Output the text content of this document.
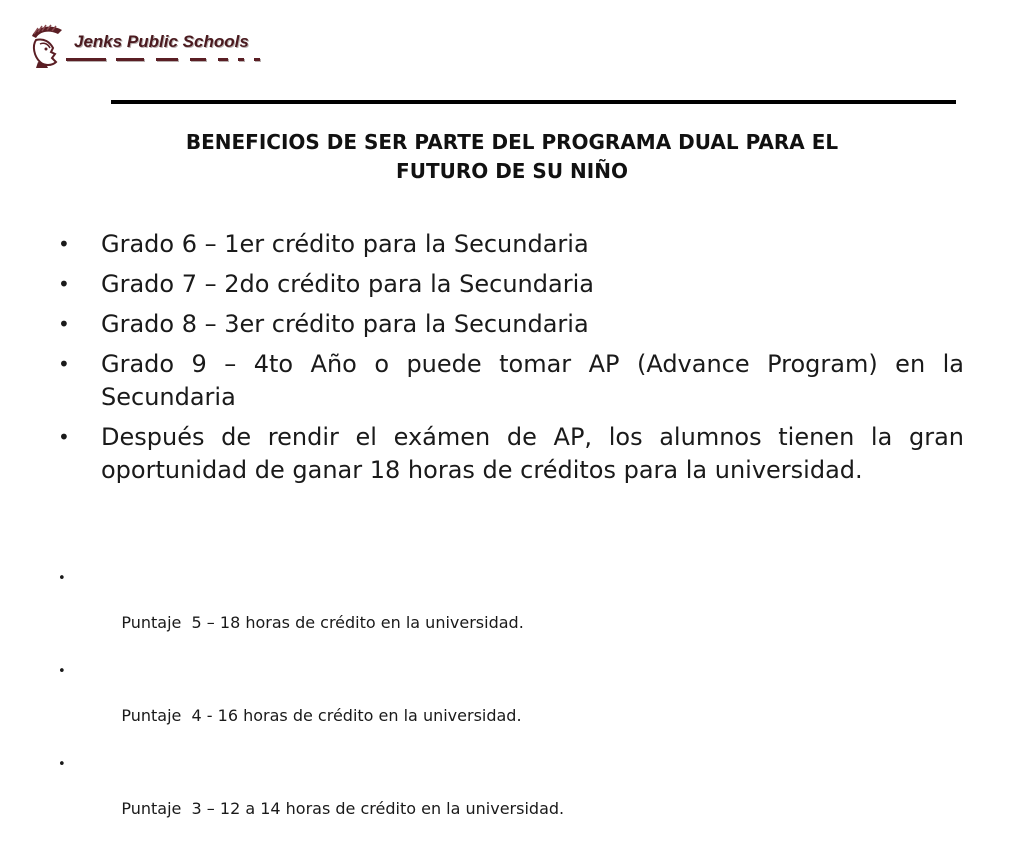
Jenks Public Schools
BENEFICIOS DE SER PARTE DEL PROGRAMA DUAL PARA EL
FUTURO DE SU NIÑO
•	Grado 6 – 1er crédito para la Secundaria
•	Grado 7 – 2do crédito para la Secundaria
•	Grado 8 – 3er crédito para la Secundaria
•	Grado 9 – 4to Año o puede tomar AP (Advance Program) en la Secundaria
•	Después de rendir el exámen de AP, los alumnos tienen la gran oportunidad de ganar 18 horas de créditos para la universidad.

•

Puntaje  5 – 18 horas de crédito en la universidad.

•

Puntaje  4 - 16 horas de crédito en la universidad.

•

Puntaje  3 – 12 a 14 horas de crédito en la universidad.
